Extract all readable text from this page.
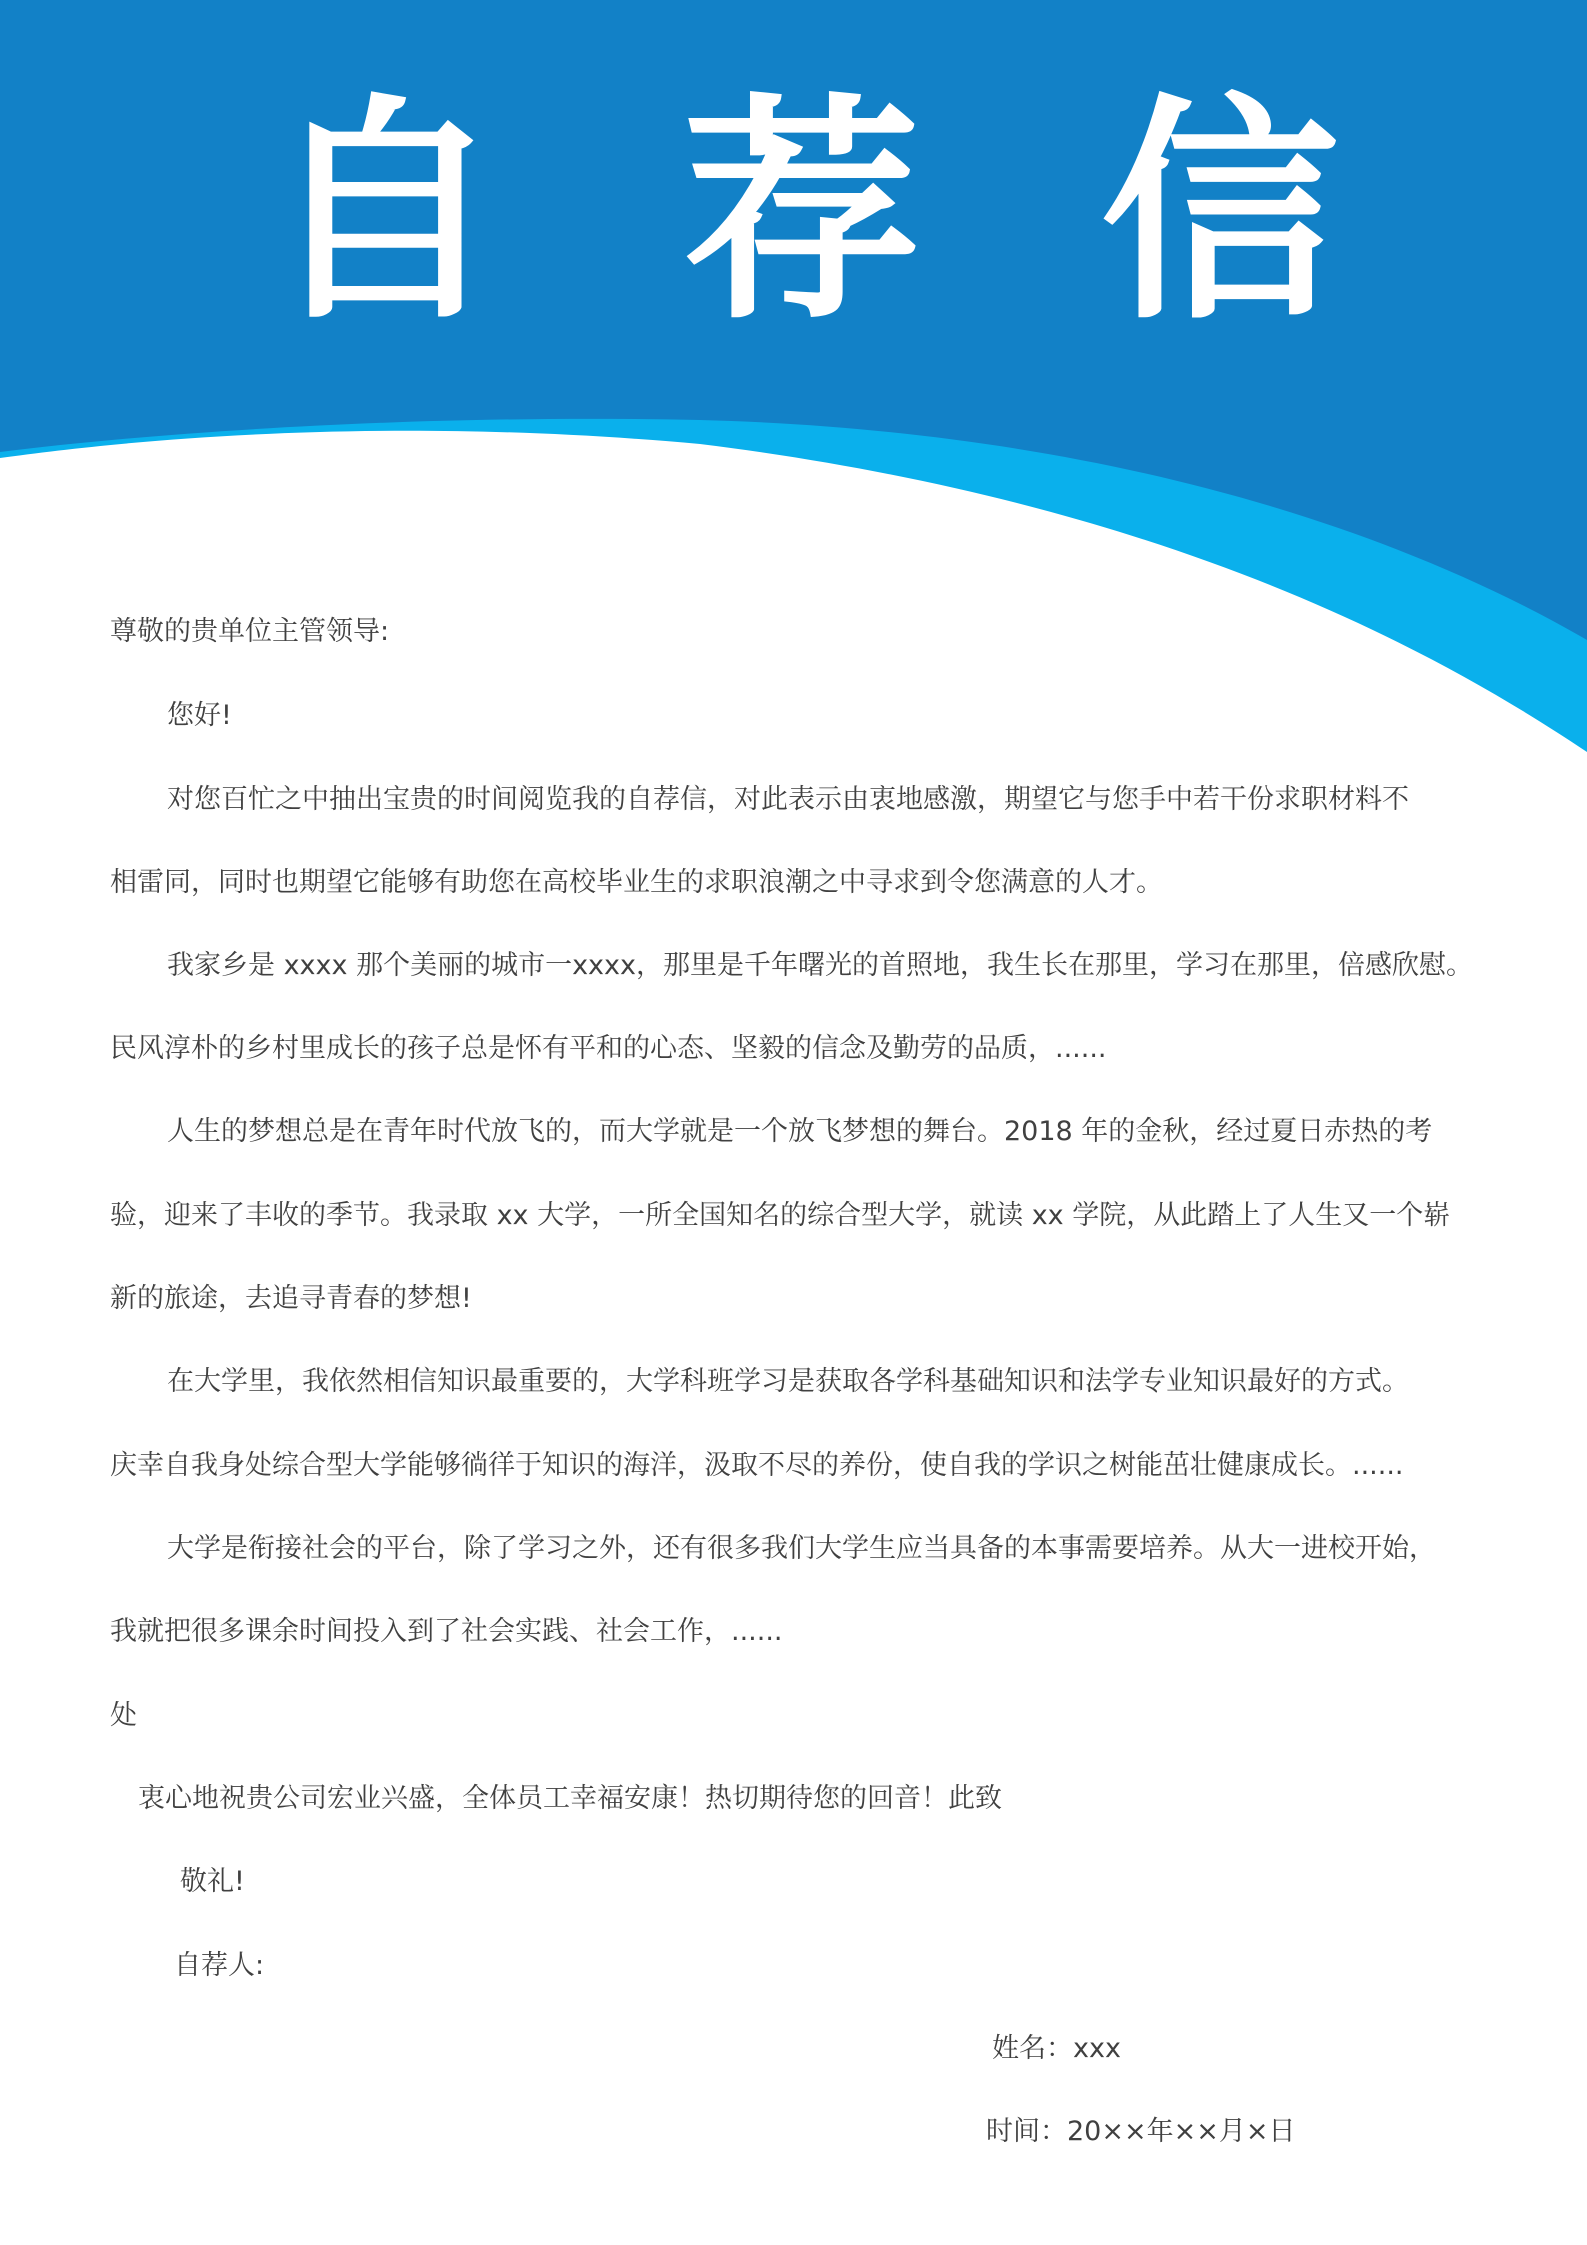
自 荐 信
尊敬的贵单位主管领导:
您好!
对您百忙之中抽出宝贵的时间阅览我的自荐信，对此表示由衷地感激，期望它与您手中若干份求职材料不
相雷同，同时也期望它能够有助您在高校毕业生的求职浪潮之中寻求到令您满意的人才。
我家乡是 xxxx 那个美丽的城市一xxxx，那里是千年曙光的首照地，我生长在那里，学习在那里，倍感欣慰。
民风淳朴的乡村里成长的孩子总是怀有平和的心态、坚毅的信念及勤劳的品质，......
人生的梦想总是在青年时代放飞的，而大学就是一个放飞梦想的舞台。2018 年的金秋，经过夏日赤热的考
验，迎来了丰收的季节。我录取 xx 大学，一所全国知名的综合型大学，就读 xx 学院，从此踏上了人生又一个崭
新的旅途，去追寻青春的梦想!
在大学里，我依然相信知识最重要的，大学科班学习是获取各学科基础知识和法学专业知识最好的方式。
庆幸自我身处综合型大学能够徜徉于知识的海洋，汲取不尽的养份，使自我的学识之树能茁壮健康成长。......
大学是衔接社会的平台，除了学习之外，还有很多我们大学生应当具备的本事需要培养。从大一进校开始，
我就把很多课余时间投入到了社会实践、社会工作，......
处
衷心地祝贵公司宏业兴盛，全体员工幸福安康！热切期待您的回音！此致
敬礼!
自荐人:
姓名：xxx
时间：20××年××月×日
